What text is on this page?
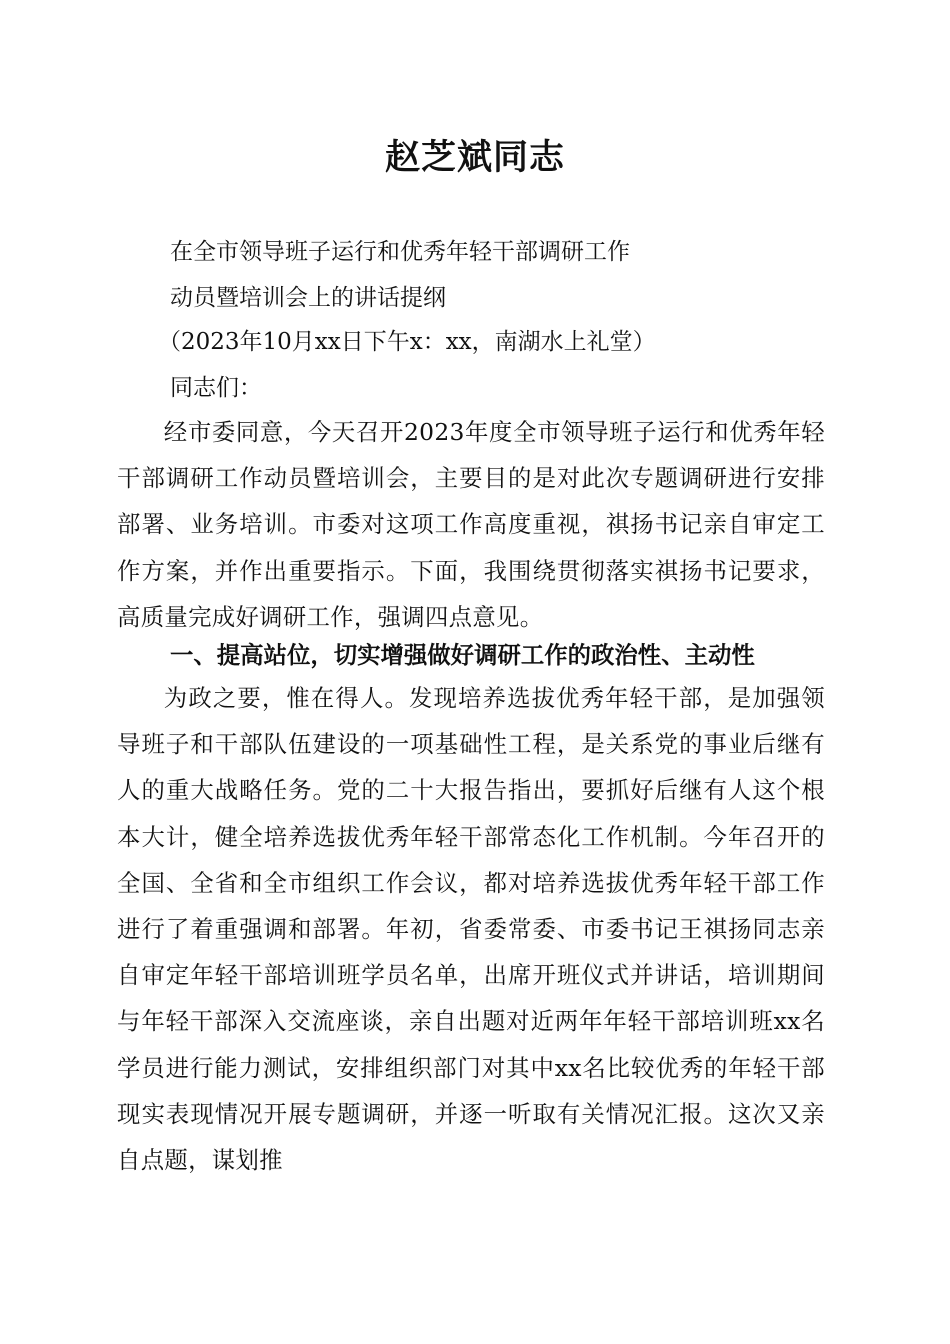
赵芝斌同志

在全市领导班子运行和优秀年轻干部调研工作

动员暨培训会上的讲话提纲

（2023年10月xx日下午x：xx，南湖水上礼堂）

同志们：

经市委同意，今天召开2023年度全市领导班子运行和优秀年轻干部调研工作动员暨培训会，主要目的是对此次专题调研进行安排部署、业务培训。市委对这项工作高度重视，祺扬书记亲自审定工作方案，并作出重要指示。下面，我围绕贯彻落实祺扬书记要求，高质量完成好调研工作，强调四点意见。

一、提高站位，切实增强做好调研工作的政治性、主动性

为政之要，惟在得人。发现培养选拔优秀年轻干部，是加强领导班子和干部队伍建设的一项基础性工程，是关系党的事业后继有人的重大战略任务。党的二十大报告指出，要抓好后继有人这个根本大计，健全培养选拔优秀年轻干部常态化工作机制。今年召开的全国、全省和全市组织工作会议，都对培养选拔优秀年轻干部工作进行了着重强调和部署。年初，省委常委、市委书记王祺扬同志亲自审定年轻干部培训班学员名单，出席开班仪式并讲话，培训期间与年轻干部深入交流座谈，亲自出题对近两年年轻干部培训班xx名学员进行能力测试，安排组织部门对其中xx名比较优秀的年轻干部现实表现情况开展专题调研，并逐一听取有关情况汇报。这次又亲自点题，谋划推
